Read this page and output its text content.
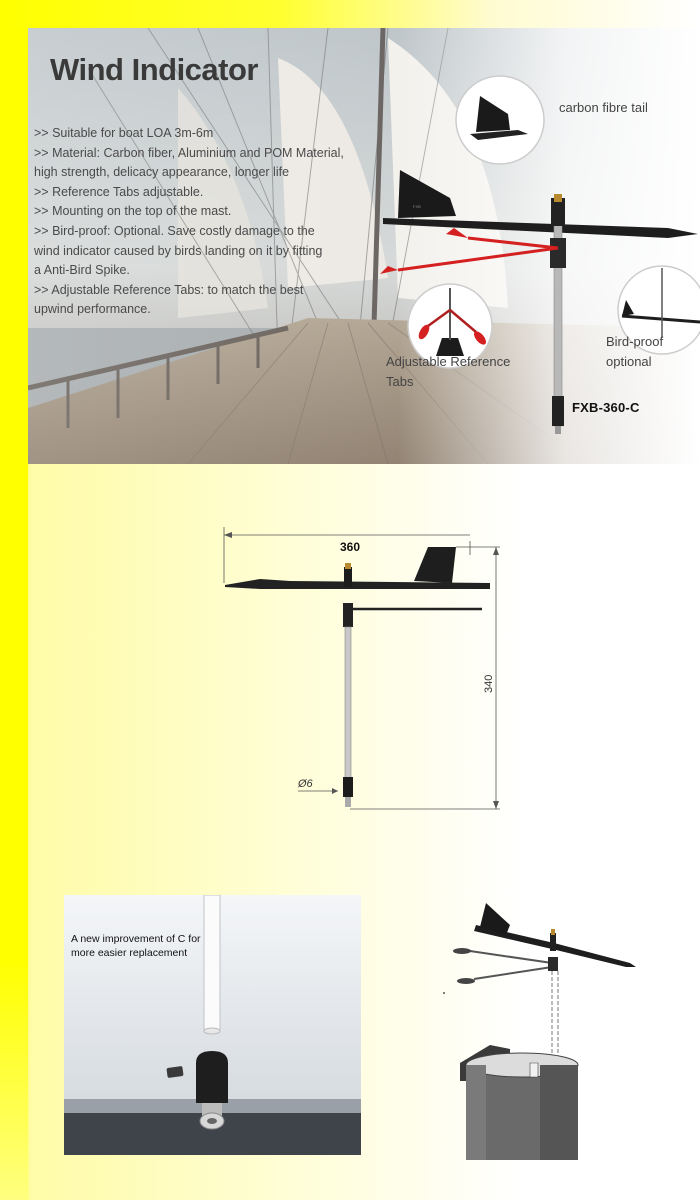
Wind Indicator
>> Suitable for boat LOA 3m-6m
>> Material: Carbon fiber, Aluminium and POM Material,
high strength, delicacy appearance, longer life
>> Reference Tabs adjustable.
>> Mounting on the top of the mast.
>> Bird-proof: Optional. Save costly damage to the
wind indicator caused by birds landing on it by fitting
a Anti-Bird Spike.
>> Adjustable Reference Tabs: to match the best
upwind performance.
FXB
carbon fibre tail
Adjustable Reference Tabs
Bird-proof optional
FXB-360-C
360
340
Ø6
A new improvement of C for more easier replacement
